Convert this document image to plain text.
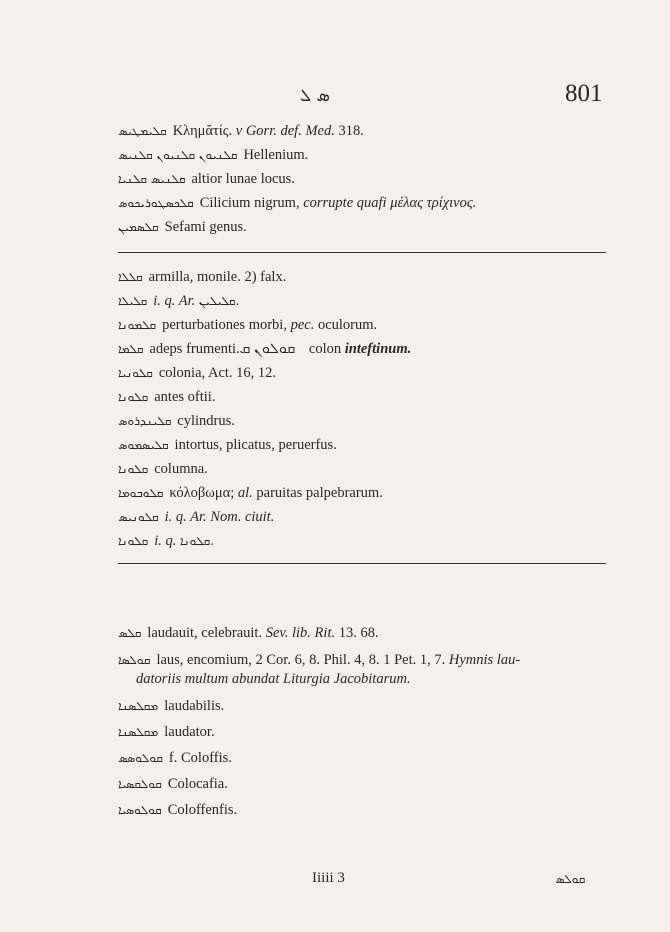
ܣ ܠ	801
ܩܠܝܡܛܝܣ Κλημᾰτίς. v Gorr. def. Med. 318.
ܩܠܢܝܘܢ ܩܠܢܝܘܢ ܩܠܢܝܣ Hellenium.
ܩܠܢܝܣ ܩܠܢܝܐ altior lunae locus.
ܩܠܟܣܛܘܪܝܟܘܣ Cilicium nigrum, corrupte quafi μέλας τρίχινος.
ܩܠܣܡܝܢ Sefami genus.
ܩܠܠܐ armilla, monile. 2) falx.
ܩܠܝܠܐ i. q. Ar. ܩܠܝܠܝܢ.
ܩܠܡܘܢܐ perturbationes morbi, pec. oculorum.
ܩܠܡܐ adeps frumenti.ܩܘܠܘܢ ܩ colon inteftinum.
ܩܠܘܢܝܐ colonia, Act. 16, 12.
ܩܠܘܢܐ antes oftii.
ܩܠܝܢܕܪܘܣ cylindrus.
ܩܠܝܣܡܘܣ intortus, plicatus, peruerfus.
ܩܠܘܢܐ columna.
ܩܠܘܒܘܡܐ κόλοβωμα; al. paruitas palpebrarum.
ܩܠܘܢܝܣ i. q. Ar. Nom. ciuit.
ܩܠܘܢܐ i. q. ܩܠܘܢܐ.
ܩܠܣ laudauit, celebrauit. Sev. lib. Rit. 13. 68.
ܩܘܠܣܐ laus, encomium, 2 Cor. 6, 8. Phil. 4, 8. 1 Pet. 1, 7. Hymnis lau-
datoriis multum abundat Liturgia Jacobitarum.
ܡܩܠܣܢܐ laudabilis.
ܡܩܠܣܢܐ laudator.
ܩܘܠܘܣܣ f. Coloffis.
ܩܘܠܩܣܝܐ Colocafia.
ܩܘܠܘܣܝܐ Coloffenfis.
Iiiii 3	ܩܘܠܣ
